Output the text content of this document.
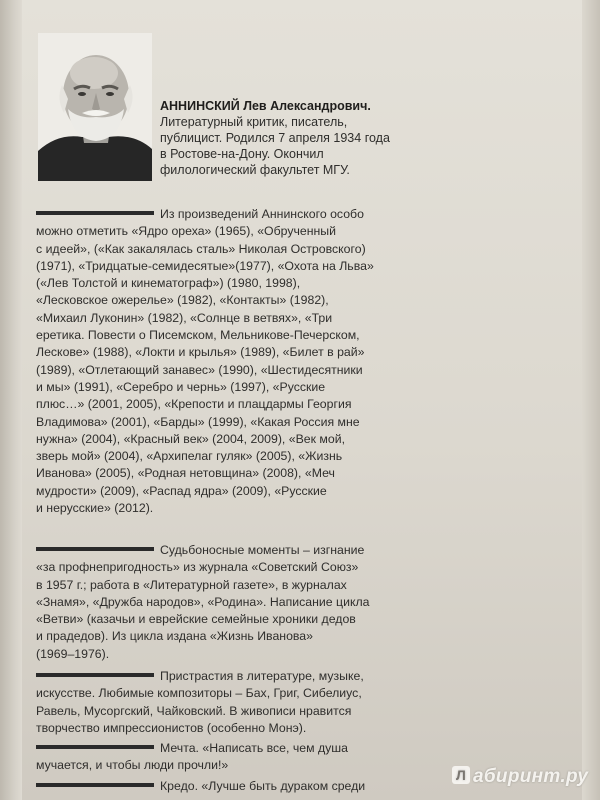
АННИНСКИЙ Лев Александрович.
Литературный критик, писатель,
публицист. Родился 7 апреля 1934 года
в Ростове-на-Дону. Окончил
филологический факультет МГУ.
Из произведений Аннинского особо
можно отметить «Ядро ореха» (1965), «Обрученный
с идеей», («Как закалялась сталь» Николая Островского)
(1971), «Тридцатые-семидесятые»(1977), «Охота на Льва»
(«Лев Толстой и кинематограф») (1980, 1998),
«Лесковское ожерелье» (1982), «Контакты» (1982),
«Михаил Луконин» (1982), «Солнце в ветвях», «Три
еретика. Повести о Писемском, Мельникове-Печерском,
Лескове» (1988), «Локти и крылья» (1989), «Билет в рай»
(1989), «Отлетающий занавес» (1990), «Шестидесятники
и мы» (1991), «Серебро и чернь» (1997), «Русские
плюс…» (2001, 2005), «Крепости и плацдармы Георгия
Владимова» (2001), «Барды» (1999), «Какая Россия мне
нужна» (2004), «Красный век» (2004, 2009), «Век мой,
зверь мой» (2004), «Архипелаг гуляк» (2005), «Жизнь
Иванова» (2005), «Родная нетовщина» (2008), «Меч
мудрости» (2009), «Распад ядра» (2009), «Русские
и нерусские» (2012).
Судьбоносные моменты – изгнание
«за профнепригодность» из журнала «Советский Союз»
в 1957 г.; работа в «Литературной газете», в журналах
«Знамя», «Дружба народов», «Родина». Написание цикла
«Ветви» (казачьи и еврейские семейные хроники дедов
и прадедов). Из цикла издана «Жизнь Иванова»
(1969–1976).
Пристрастия в литературе, музыке,
искусстве. Любимые композиторы – Бах, Григ, Сибелиус,
Равель, Мусоргский, Чайковский. В живописи нравится
творчество импрессионистов (особенно Монэ).
Мечта. «Написать все, чем душа
мучается, и чтобы люди прочли!»
Кредо. «Лучше быть дураком среди
Л абиринт.ру
